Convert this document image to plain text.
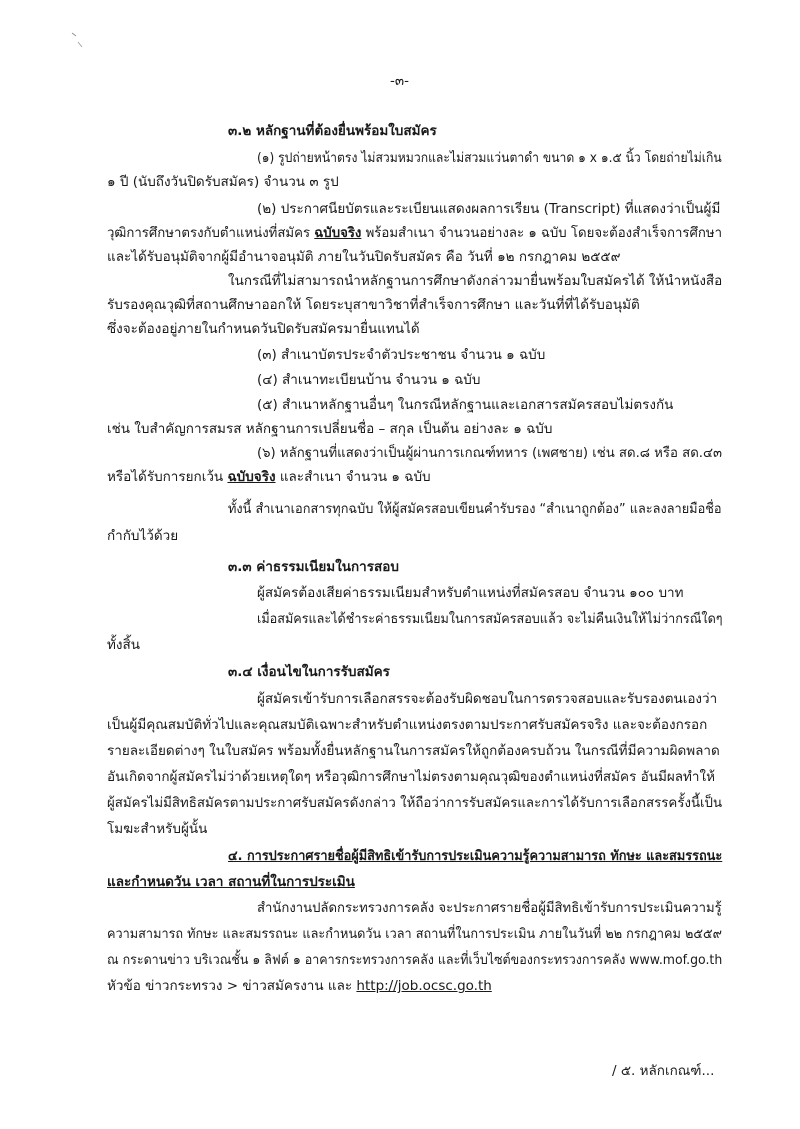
-๓-
๓.๒ หลักฐานที่ต้องยื่นพร้อมใบสมัคร
(๑) รูปถ่ายหน้าตรง ไม่สวมหมวกและไม่สวมแว่นตาดำ ขนาด ๑ x ๑.๕ นิ้ว โดยถ่ายไม่เกิน
๑ ปี (นับถึงวันปิดรับสมัคร) จำนวน ๓ รูป
(๒) ประกาศนียบัตรและระเบียนแสดงผลการเรียน (Transcript) ที่แสดงว่าเป็นผู้มี
วุฒิการศึกษาตรงกับตำแหน่งที่สมัคร ฉบับจริง พร้อมสำเนา จำนวนอย่างละ ๑ ฉบับ โดยจะต้องสำเร็จการศึกษา
และได้รับอนุมัติจากผู้มีอำนาจอนุมัติ ภายในวันปิดรับสมัคร คือ วันที่ ๑๒ กรกฎาคม ๒๕๕๙
ในกรณีที่ไม่สามารถนำหลักฐานการศึกษาดังกล่าวมายื่นพร้อมใบสมัครได้ ให้นำหนังสือ
รับรองคุณวุฒิที่สถานศึกษาออกให้ โดยระบุสาขาวิชาที่สำเร็จการศึกษา และวันที่ที่ได้รับอนุมัติ
ซึ่งจะต้องอยู่ภายในกำหนดวันปิดรับสมัครมายื่นแทนได้
(๓) สำเนาบัตรประจำตัวประชาชน จำนวน ๑ ฉบับ
(๔) สำเนาทะเบียนบ้าน จำนวน ๑ ฉบับ
(๕) สำเนาหลักฐานอื่นๆ ในกรณีหลักฐานและเอกสารสมัครสอบไม่ตรงกัน
เช่น ใบสำคัญการสมรส หลักฐานการเปลี่ยนชื่อ – สกุล เป็นต้น อย่างละ ๑ ฉบับ
(๖) หลักฐานที่แสดงว่าเป็นผู้ผ่านการเกณฑ์ทหาร (เพศชาย) เช่น สด.๘ หรือ สด.๔๓
หรือได้รับการยกเว้น ฉบับจริง และสำเนา จำนวน ๑ ฉบับ
ทั้งนี้ สำเนาเอกสารทุกฉบับ ให้ผู้สมัครสอบเขียนคำรับรอง “สำเนาถูกต้อง” และลงลายมือชื่อ
กำกับไว้ด้วย
๓.๓ ค่าธรรมเนียมในการสอบ
ผู้สมัครต้องเสียค่าธรรมเนียมสำหรับตำแหน่งที่สมัครสอบ จำนวน ๑๐๐ บาท
เมื่อสมัครและได้ชำระค่าธรรมเนียมในการสมัครสอบแล้ว จะไม่คืนเงินให้ไม่ว่ากรณีใดๆ
ทั้งสิ้น
๓.๔ เงื่อนไขในการรับสมัคร
ผู้สมัครเข้ารับการเลือกสรรจะต้องรับผิดชอบในการตรวจสอบและรับรองตนเองว่า
เป็นผู้มีคุณสมบัติทั่วไปและคุณสมบัติเฉพาะสำหรับตำแหน่งตรงตามประกาศรับสมัครจริง และจะต้องกรอก
รายละเอียดต่างๆ ในใบสมัคร พร้อมทั้งยื่นหลักฐานในการสมัครให้ถูกต้องครบถ้วน ในกรณีที่มีความผิดพลาด
อันเกิดจากผู้สมัครไม่ว่าด้วยเหตุใดๆ หรือวุฒิการศึกษาไม่ตรงตามคุณวุฒิของตำแหน่งที่สมัคร อันมีผลทำให้
ผู้สมัครไม่มีสิทธิสมัครตามประกาศรับสมัครดังกล่าว ให้ถือว่าการรับสมัครและการได้รับการเลือกสรรครั้งนี้เป็น
โมฆะสำหรับผู้นั้น
๔. การประกาศรายชื่อผู้มีสิทธิเข้ารับการประเมินความรู้ความสามารถ ทักษะ และสมรรถนะ
และกำหนดวัน เวลา สถานที่ในการประเมิน
สำนักงานปลัดกระทรวงการคลัง จะประกาศรายชื่อผู้มีสิทธิเข้ารับการประเมินความรู้
ความสามารถ ทักษะ และสมรรถนะ และกำหนดวัน เวลา สถานที่ในการประเมิน ภายในวันที่ ๒๒ กรกฎาคม ๒๕๕๙
ณ กระดานข่าว บริเวณชั้น ๑ ลิฟต์ ๑ อาคารกระทรวงการคลัง และที่เว็บไซต์ของกระทรวงการคลัง www.mof.go.th
หัวข้อ ข่าวกระทรวง > ข่าวสมัครงาน และ http://job.ocsc.go.th
/ ๕. หลักเกณฑ์...
